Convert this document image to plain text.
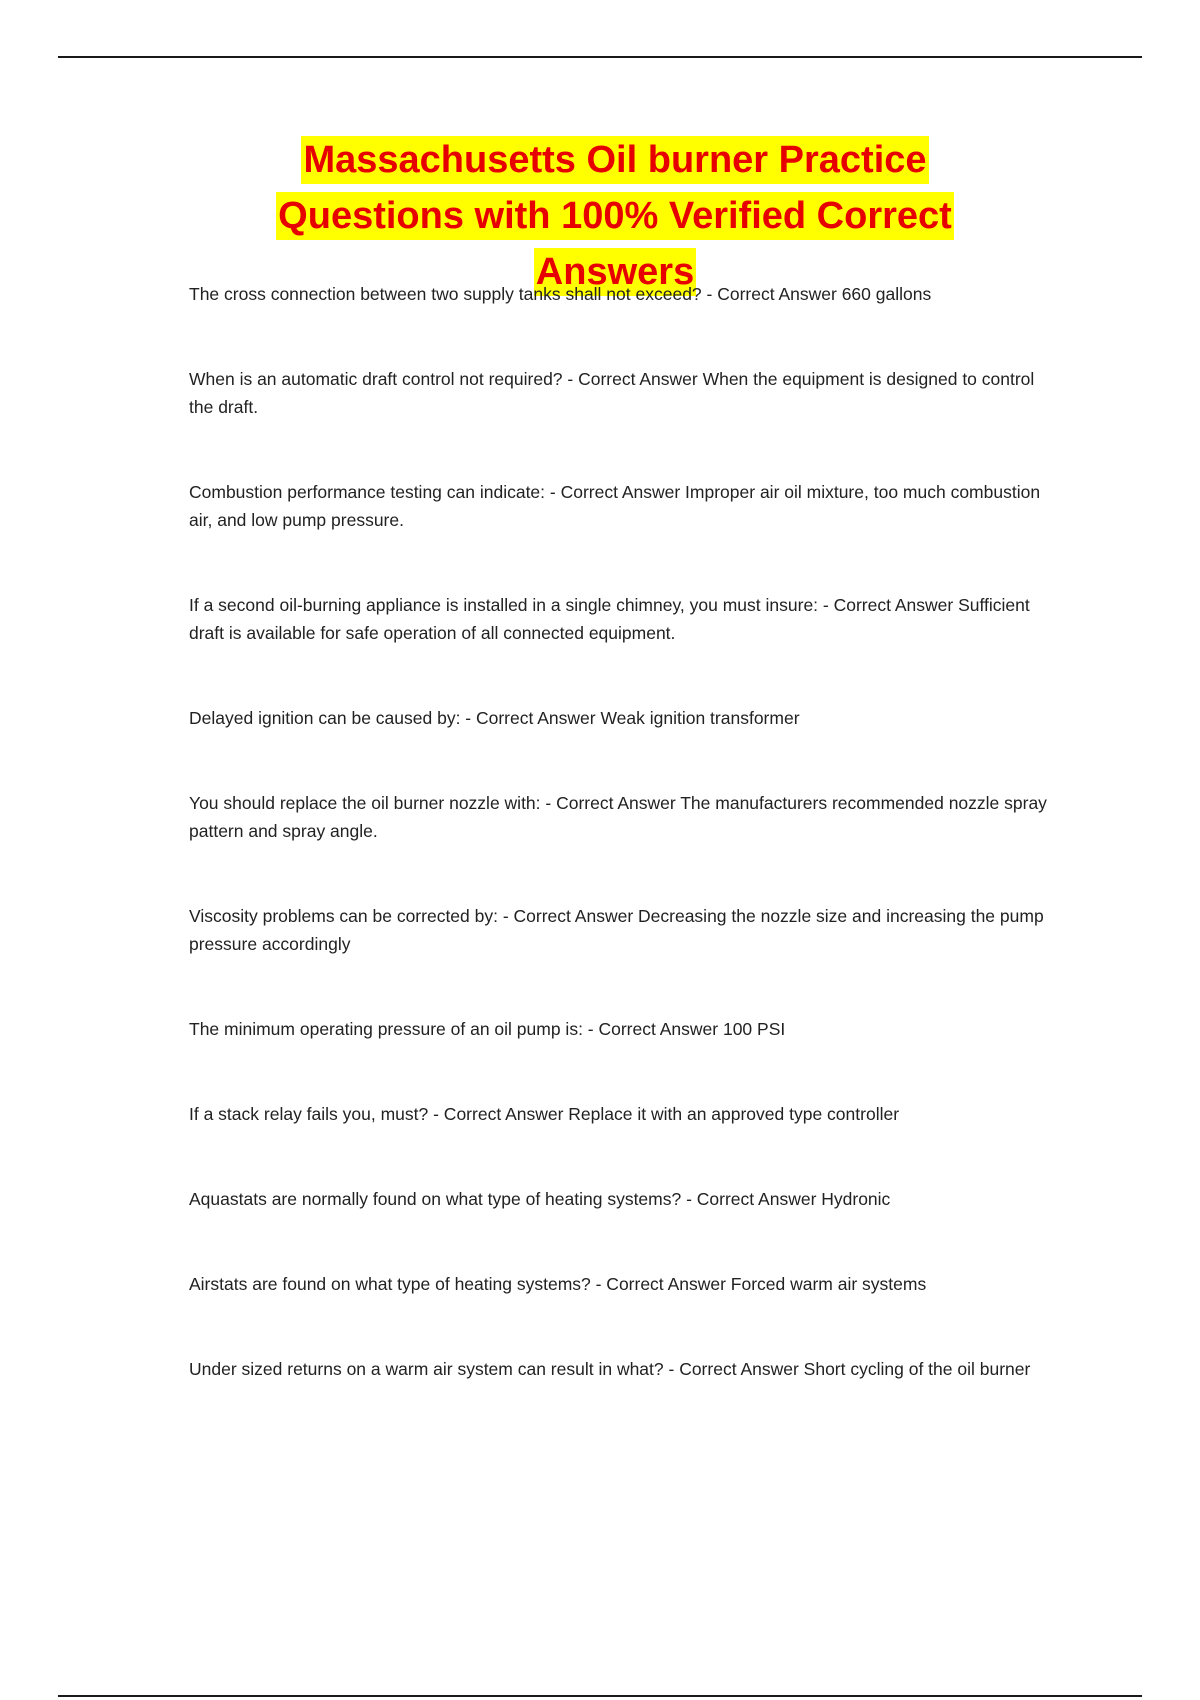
Massachusetts Oil burner Practice
Questions with 100% Verified Correct
Answers
The cross connection between two supply tanks shall not exceed? - Correct Answer 660 gallons
When is an automatic draft control not required? - Correct Answer When the equipment is designed to control the draft.
Combustion performance testing can indicate: - Correct Answer Improper air oil mixture, too much combustion air, and low pump pressure.
If a second oil-burning appliance is installed in a single chimney, you must insure: - Correct Answer Sufficient draft is available for safe operation of all connected equipment.
Delayed ignition can be caused by: - Correct Answer Weak ignition transformer
You should replace the oil burner nozzle with: - Correct Answer The manufacturers recommended nozzle spray pattern and spray angle.
Viscosity problems can be corrected by: - Correct Answer Decreasing the nozzle size and increasing the pump pressure accordingly
The minimum operating pressure of an oil pump is: - Correct Answer 100 PSI
If a stack relay fails you, must? - Correct Answer Replace it with an approved type controller
Aquastats are normally found on what type of heating systems? - Correct Answer Hydronic
Airstats are found on what type of heating systems? - Correct Answer Forced warm air systems
Under sized returns on a warm air system can result in what? - Correct Answer Short cycling of the oil burner
